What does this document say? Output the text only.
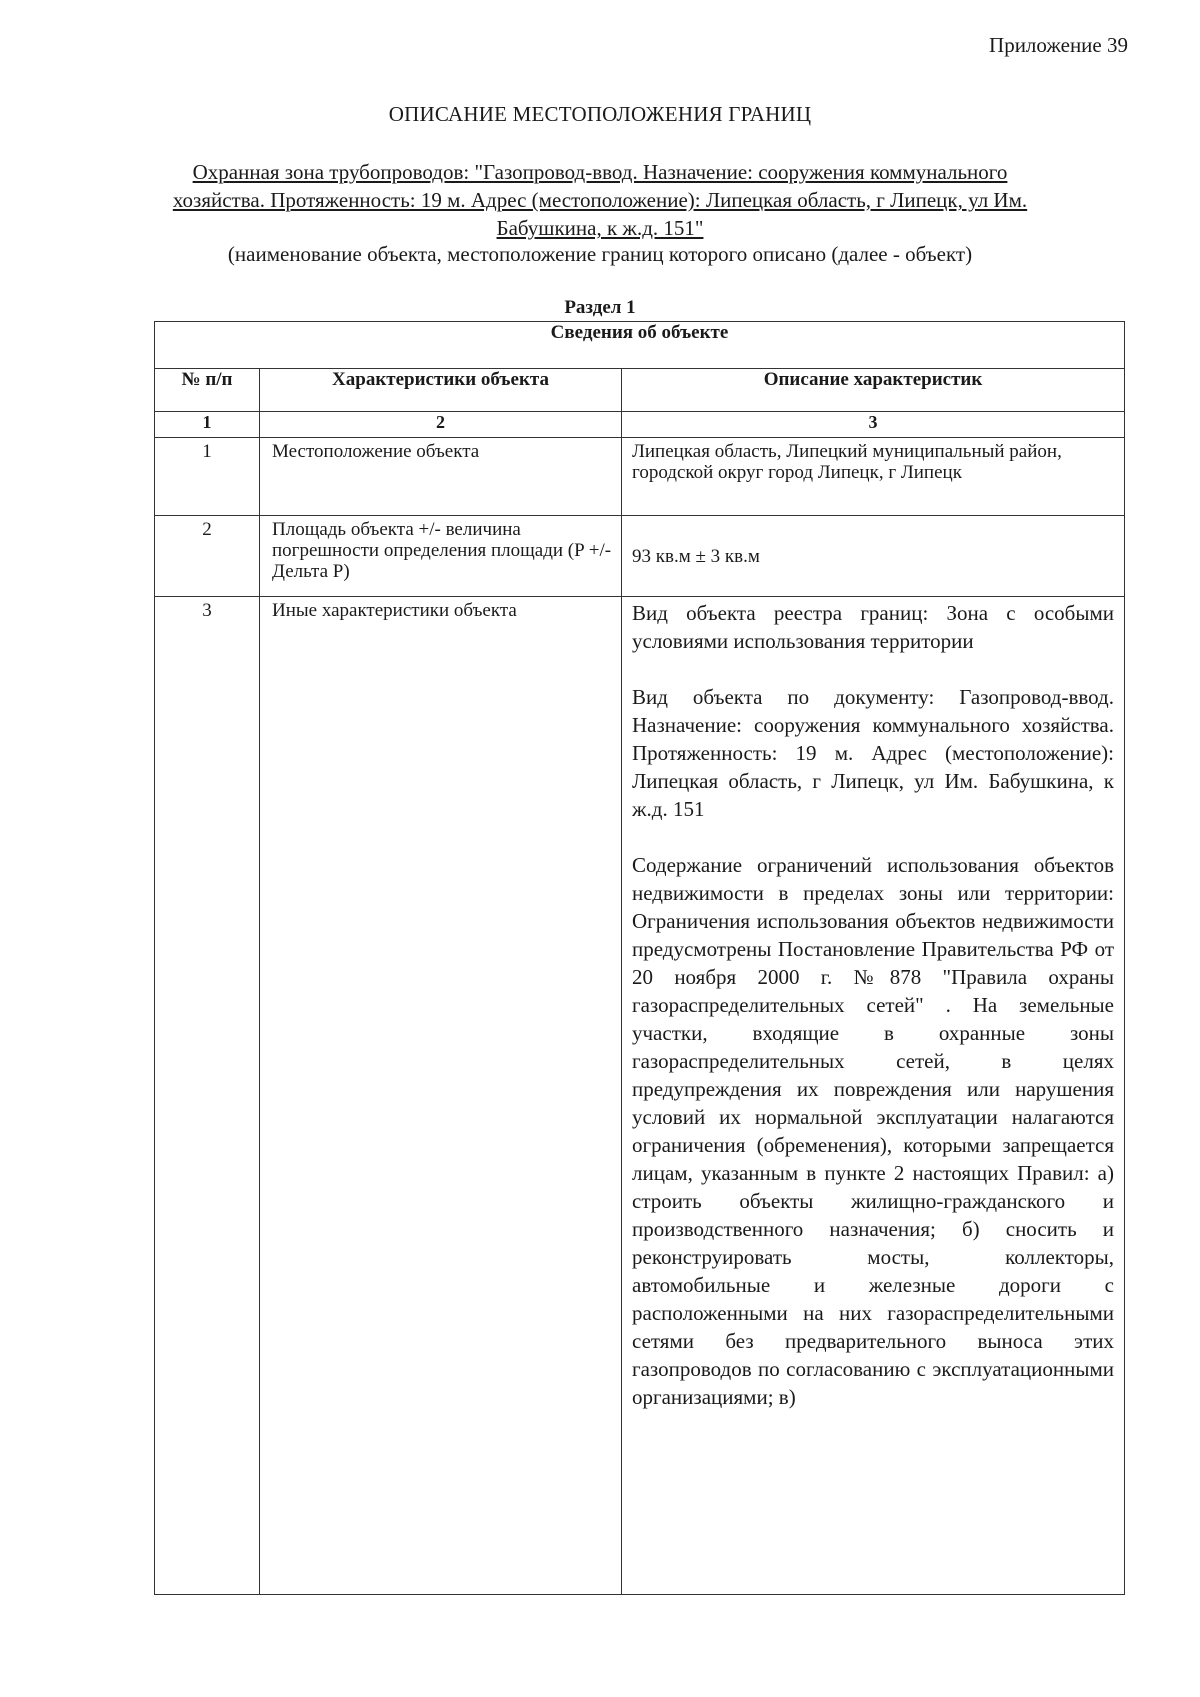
Приложение 39
ОПИСАНИЕ МЕСТОПОЛОЖЕНИЯ ГРАНИЦ
Охранная зона трубопроводов: "Газопровод-ввод. Назначение: сооружения коммунального хозяйства. Протяженность: 19 м. Адрес (местоположение): Липецкая область, г Липецк, ул Им. Бабушкина, к ж.д. 151"
(наименование объекта, местоположение границ которого описано (далее - объект)
Раздел 1
Сведения об объекте		
№ п/п	Характеристики объекта	Описание характеристик
1	2	3
1	Местоположение объекта	Липецкая область, Липецкий муниципальный район, городской округ город Липецк, г Липецк
2	Площадь объекта +/- величина погрешности определения площади (P +/- Дельта P)	93 кв.м ± 3 кв.м
3	Иные характеристики объекта	Вид объекта реестра границ: Зона с особыми условиями использования территории

Вид объекта по документу: Газопровод-ввод. Назначение: сооружения коммунального хозяйства. Протяженность: 19 м. Адрес (местоположение): Липецкая область, г Липецк, ул Им. Бабушкина, к ж.д. 151

Содержание ограничений использования объектов недвижимости в пределах зоны или территории: Ограничения использования объектов недвижимости предусмотрены Постановление Правительства РФ от 20 ноября 2000 г. №878 "Правила охраны газораспределительных сетей" . На земельные участки, входящие в охранные зоны газораспределительных сетей, в целях предупреждения их повреждения или нарушения условий их нормальной эксплуатации налагаются ограничения (обременения), которыми запрещается лицам, указанным в пункте 2 настоящих Правил: а) строить объекты жилищно-гражданского и производственного назначения; б) сносить и реконструировать мосты, коллекторы, автомобильные и железные дороги с расположенными на них газораспределительными сетями без предварительного выноса этих газопроводов по согласованию с эксплуатационными организациями; в)
